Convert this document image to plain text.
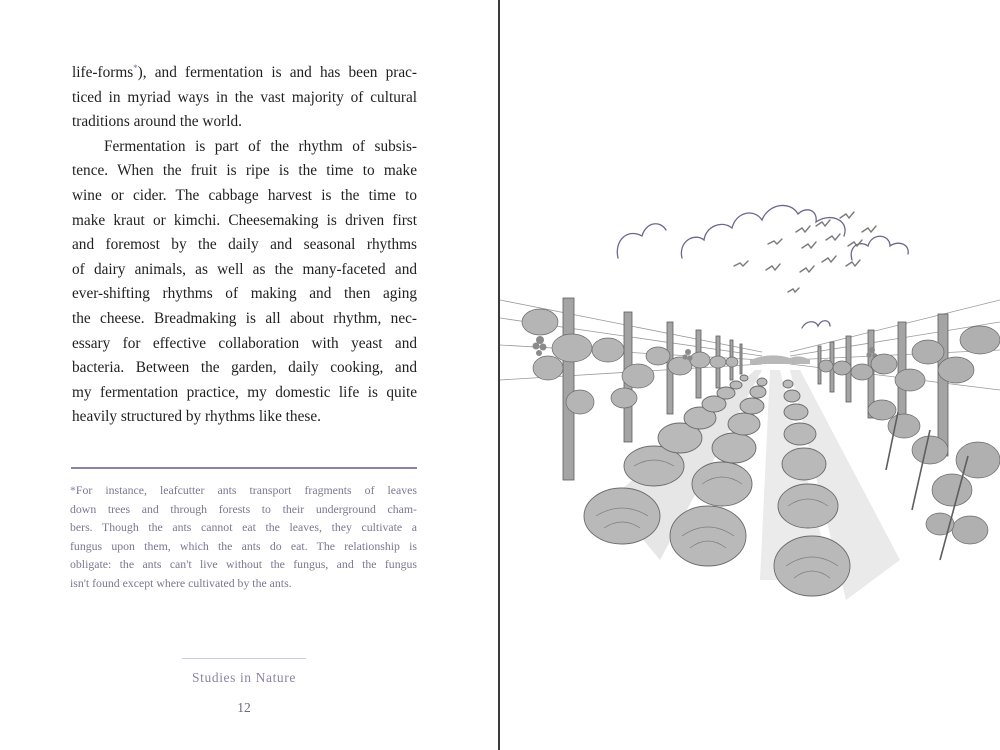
life-forms*), and fermentation is and has been prac-
ticed in myriad ways in the vast majority of cultural
traditions around the world.

Fermentation is part of the rhythm of subsis-
tence. When the fruit is ripe is the time to make
wine or cider. The cabbage harvest is the time to
make kraut or kimchi. Cheesemaking is driven first
and foremost by the daily and seasonal rhythms
of dairy animals, as well as the many-faceted and
ever-shifting rhythms of making and then aging
the cheese. Breadmaking is all about rhythm, nec-
essary for effective collaboration with yeast and
bacteria. Between the garden, daily cooking, and
my fermentation practice, my domestic life is quite
heavily structured by rhythms like these.

*For instance, leafcutter ants transport fragments of leaves
down trees and through forests to their underground cham-
bers. Though the ants cannot eat the leaves, they cultivate a
fungus upon them, which the ants do eat. The relationship is
obligate: the ants can't live without the fungus, and the fungus
isn't found except where cultivated by the ants.
Studies in Nature
12
